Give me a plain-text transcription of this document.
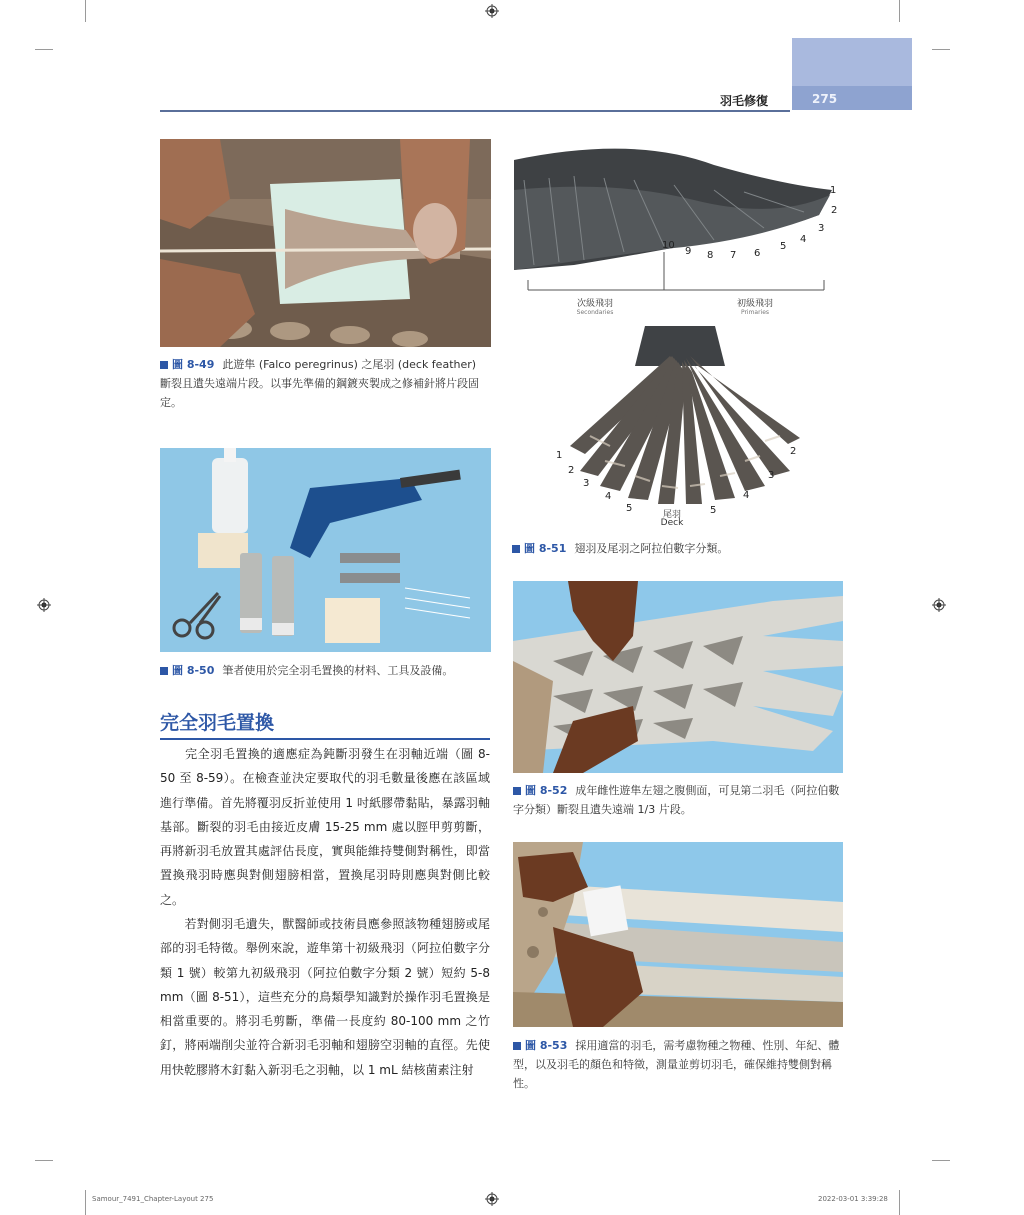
羽毛修復	275
圖 8-49 此遊隼 (Falco peregrinus) 之尾羽 (deck feather) 斷裂且遺失遠端片段。以事先準備的鋼鍍夾製成之修補針將片段固定。
圖 8-50 筆者使用於完全羽毛置換的材料、工具及設備。
完全羽毛置換

　　完全羽毛置換的適應症為鈍斷羽發生在羽軸近端（圖 8-50 至 8-59）。在檢查並決定要取代的羽毛數量後應在該區域進行準備。首先將覆羽反折並使用 1 吋紙膠帶黏貼，暴露羽軸基部。斷裂的羽毛由接近皮膚 15-25 mm 處以脛甲剪剪斷，再將新羽毛放置其處評估長度，實與能維持雙側對稱性，即當置換飛羽時應與對側翅膀相當，置換尾羽時則應與對側比較之。

　　若對側羽毛遺失，獸醫師或技術員應參照該物種翅膀或尾部的羽毛特徵。舉例來說，遊隼第十初級飛羽（阿拉伯數字分類 1 號）較第九初級飛羽（阿拉伯數字分類 2 號）短約 5-8 mm（圖 8-51），這些充分的鳥類學知識對於操作羽毛置換是相當重要的。將羽毛剪斷，準備一長度約 80-100 mm 之竹釘，將兩端削尖並符合新羽毛羽軸和翅膀空羽軸的直徑。先使用快乾膠將木釘黏入新羽毛之羽軸，以 1 mL 結核菌素注射

次級飛羽
Secondaries
初級飛羽
Primaries
1
2
3
4
5
6
7
8
9
10
1
2
3
4
5	5
4
3
2
尾羽
Deck
圖 8-51 翅羽及尾羽之阿拉伯數字分類。
圖 8-52 成年雌性遊隼左翅之腹側面，可見第二羽毛（阿拉伯數字分類）斷裂且遺失遠端 1/3 片段。
圖 8-53 採用適當的羽毛，需考慮物種之物種、性別、年紀、體型，以及羽毛的顏色和特徵，測量並剪切羽毛，確保維持雙側對稱性。
Samour_7491_Chapter-Layout 275	2022-03-01 3:39:28
